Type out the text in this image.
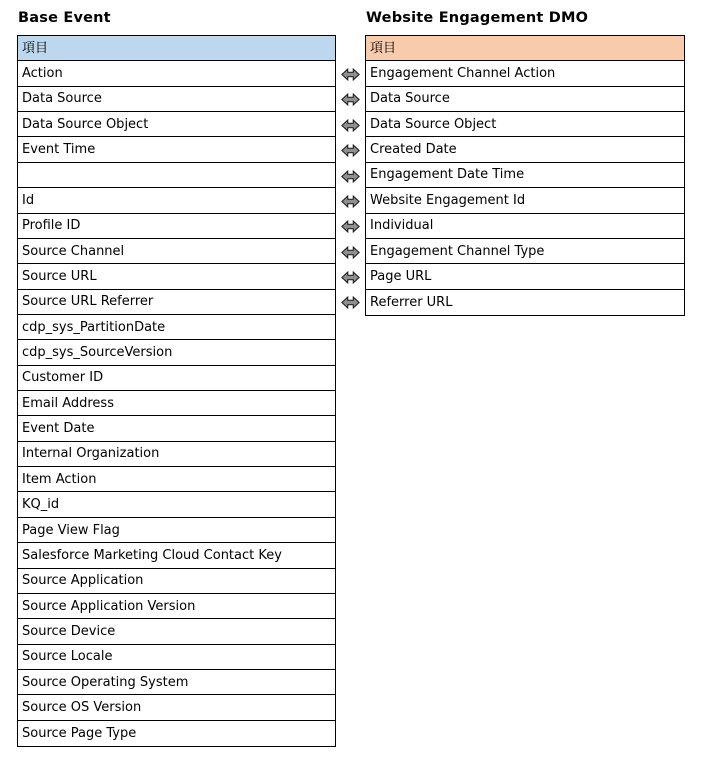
Base Event	Website Engagement DMO
項目
Action
Data Source
Data Source Object
Event Time
Id
Profile ID
Source Channel
Source URL
Source URL Referrer
cdp_sys_PartitionDate
cdp_sys_SourceVersion
Customer ID
Email Address
Event Date
Internal Organization
Item Action
KQ_id
Page View Flag
Salesforce Marketing Cloud Contact Key
Source Application
Source Application Version
Source Device
Source Locale
Source Operating System
Source OS Version
Source Page Type
項目
Engagement Channel Action
Data Source
Data Source Object
Created Date
Engagement Date Time
Website Engagement Id
Individual
Engagement Channel Type
Page URL
Referrer URL
